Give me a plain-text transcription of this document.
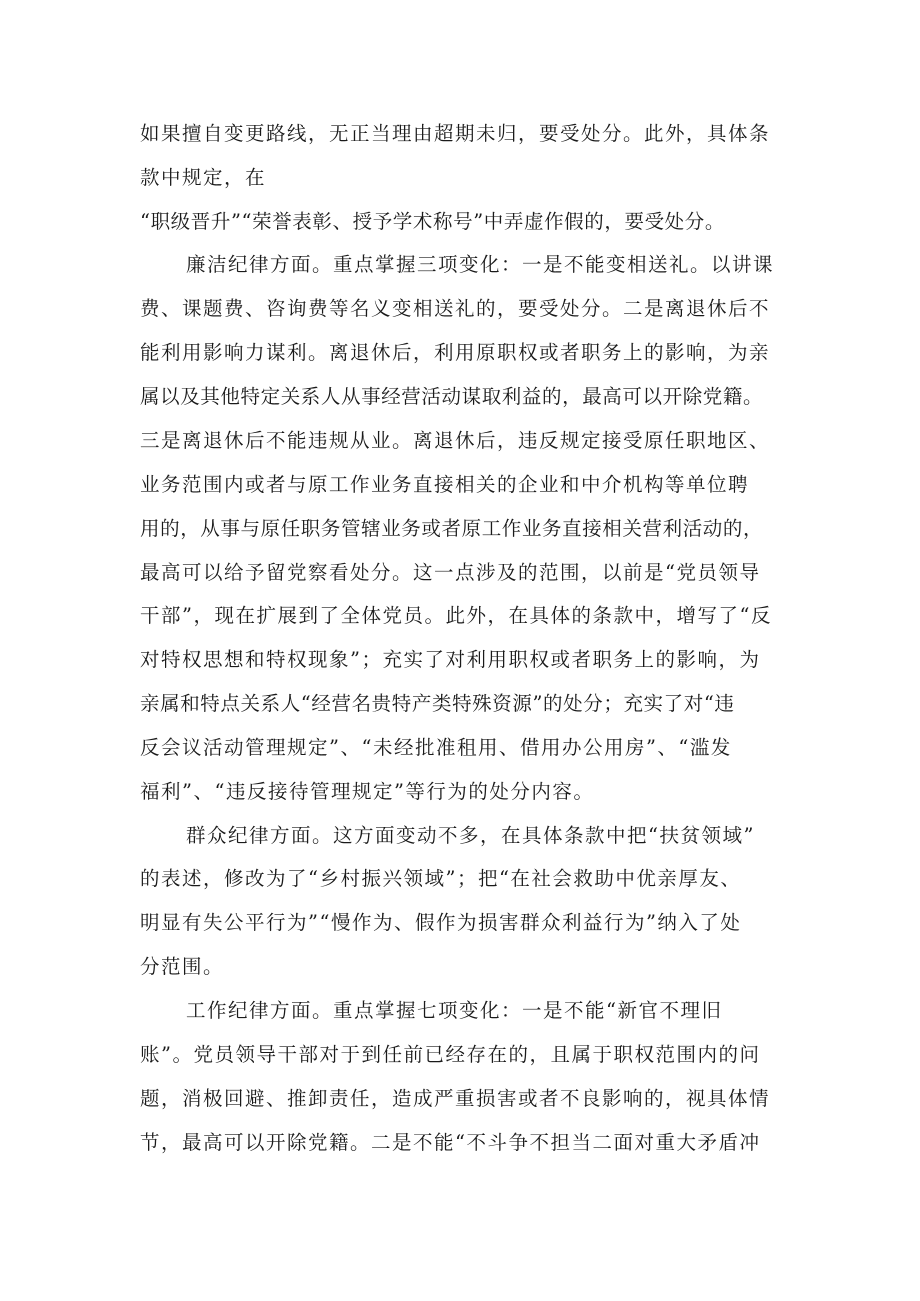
如果擅自变更路线，无正当理由超期未归，要受处分。此外，具体条
款中规定，在
“职级晋升”“荣誉表彰、授予学术称号”中弄虚作假的，要受处分。
廉洁纪律方面。重点掌握三项变化：一是不能变相送礼。以讲课
费、课题费、咨询费等名义变相送礼的，要受处分。二是离退休后不
能利用影响力谋利。离退休后，利用原职权或者职务上的影响，为亲
属以及其他特定关系人从事经营活动谋取利益的，最高可以开除党籍。
三是离退休后不能违规从业。离退休后，违反规定接受原任职地区、
业务范围内或者与原工作业务直接相关的企业和中介机构等单位聘
用的，从事与原任职务管辖业务或者原工作业务直接相关营利活动的，
最高可以给予留党察看处分。这一点涉及的范围，以前是“党员领导
干部”，现在扩展到了全体党员。此外，在具体的条款中，增写了“反
对特权思想和特权现象”；充实了对利用职权或者职务上的影响，为
亲属和特点关系人“经营名贵特产类特殊资源”的处分；充实了对“违
反会议活动管理规定”、“未经批准租用、借用办公用房”、“滥发
福利”、“违反接待管理规定”等行为的处分内容。
群众纪律方面。这方面变动不多，在具体条款中把“扶贫领域”
的表述，修改为了“乡村振兴领域”；把“在社会救助中优亲厚友、
明显有失公平行为”“慢作为、假作为损害群众利益行为”纳入了处
分范围。
工作纪律方面。重点掌握七项变化：一是不能“新官不理旧
账”。党员领导干部对于到任前已经存在的，且属于职权范围内的问
题，消极回避、推卸责任，造成严重损害或者不良影响的，视具体情
节，最高可以开除党籍。二是不能“不斗争不担当二面对重大矛盾冲
